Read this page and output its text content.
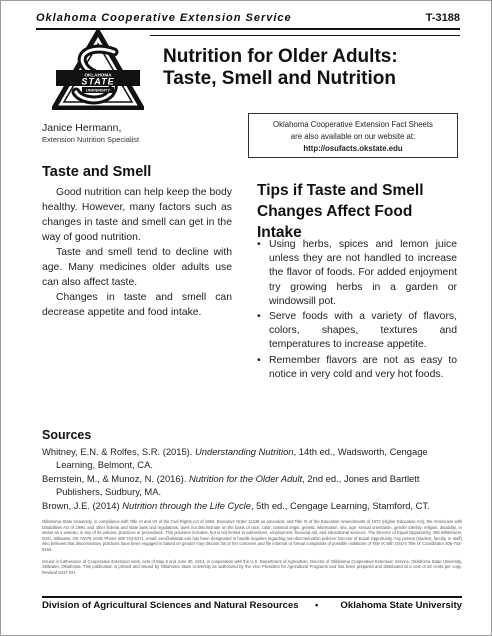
Oklahoma Cooperative Extension Service	T-3188
OKLAHOMA
STATE
UNIVERSITY
Nutrition for Older Adults:
Taste, Smell and Nutrition
Janice Hermann,
Extension Nutrition Specialist
Oklahoma Cooperative Extension Fact Sheets
are also available on our website at:
http://osufacts.okstate.edu
Taste and Smell

Good nutrition can help keep the body healthy. However, many factors such as changes in taste and smell can get in the way of good nutrition.

Taste and smell tend to decline with age. Many medicines older adults use can also affect taste.

Changes in taste and smell can decrease appetite and food intake.

Tips if Taste and Smell
Changes Affect Food
Intake
• Using herbs, spices and lemon juice unless they are not handled to increase the flavor of foods. For added enjoyment try growing herbs in a garden or windowsill pot.
• Serve foods with a variety of flavors, colors, shapes, textures and temperatures to increase appetite.
• Remember flavors are not as easy to notice in very cold and very hot foods.
Sources
Whitney, E.N. & Rolfes, S.R. (2015). Understanding Nutrition, 14th ed., Wadsworth, Cengage Learning, Belmont, CA.
Bernstein, M., & Munoz, N. (2016). Nutrition for the Older Adult, 2nd ed., Jones and Bartlett Publishers, Sudbury, MA.
Brown, J.E. (2014) Nutrition through the Life Cycle, 5th ed., Cengage Learning, Stamford, CT.

Oklahoma State University, in compliance with Title VI and VII of the Civil Rights Act of 1964, Executive Order 11246 as amended, and Title IX of the Education Amendments of 1972 (Higher Education Act), the Americans with Disabilities Act of 1990, and other federal and state laws and regulations, does not discriminate on the basis of race, color, national origin, genetic information, sex, age, sexual orientation, gender identity, religion, disability, or status as a veteran, in any of its policies, practices or procedures. This provision includes, but is not limited to admissions, employment, financial aid, and educational services. The Director of Equal Opportunity, 408 Whitehurst, OSU, Stillwater, OK 74078-1035; Phone 405-744-5371; email: eeo@okstate.edu has been designated to handle inquiries regarding non-discrimination policies: Director of Equal Opportunity. Any person (student, faculty, or staff) who believes that discriminatory practices have been engaged in based on gender may discuss his or her concerns and file informal or formal complaints of possible violations of Title IX with OSU's Title IX Coordinator 405-744-9154.

Issued in furtherance of Cooperative Extension work, acts of May 8 and June 30, 1914, in cooperation with the U.S. Department of Agriculture, Director of Oklahoma Cooperative Extension Service, Oklahoma State University, Stillwater, Oklahoma. This publication is printed and issued by Oklahoma State University as authorized by the Vice President for Agricultural Programs and has been prepared and distributed at a cost of 20 cents per copy. Revised 0417 GH.

Division of Agricultural Sciences and Natural Resources • Oklahoma State University
